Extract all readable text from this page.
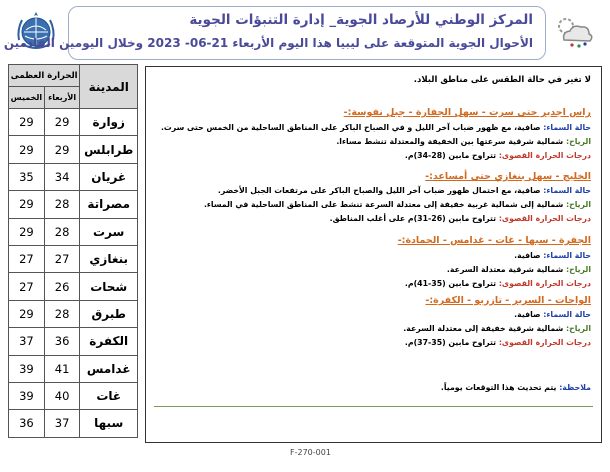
المركز الوطني للأرصاد الجوية_ إدارة التنبؤات الجوية
الأحوال الجوية المتوقعة على ليبيا هذا اليوم الأربعاء 21-06- 2023 وخلال اليومين القادمين
الحرارة العظمى		المدينة
الخميس	الأربعاء	
29	29	زوارة
29	29	طرابلس
35	34	غريان
29	28	مصراتة
29	28	سرت
27	27	بنغازي
27	26	شحات
29	28	طبرق
37	36	الكفرة
39	41	غدامس
39	40	غات
36	37	سبها
لا تغير في حالة الطقس على مناطق البلاد.
راس اجدير حتى سرت - سهل الجفارة - جبل نفوسة:-
حالة السماء: صافية، مع ظهور ضباب آخر الليل و في الصباح الباكر على المناطق الساحلية من الخمس حتى سرت.
الرياح: شمالية شرقية سرعتها بين الخفيفة والمعتدلة تنشط مساءا.
درجات الحرارة القصوى: تتراوح مابين (28-34)م.
الخليج - سهل بنغازي حتى أمساعد:-
حالة السماء: صافية، مع احتمال ظهور ضباب آخر الليل والصباح الباكر على مرتفعات الجبل الأخضر.
الرياح: شمالية إلى شمالية غربية خفيفة إلى معتدلة السرعة تنشط على المناطق الساحلية في المساء.
درجات الحرارة القصوى: تتراوح مابين (26-31)م على أغلب المناطق.
الجفرة - سبها - غات - غدامس - الحمادة:-
حالة السماء: صافية.
الرياح: شمالية شرقية معتدلة السرعة.
درجات الحرارة القصوى: تتراوح مابين (35-41)م.
الواحات - السرير - تازربو - الكفرة:-
حالة السماء: صافية.
الرياح: شمالية شرقية خفيفة إلى معتدلة السرعة.
درجات الحرارة القصوى: تتراوح مابين (35-37)م.
ملاحظة: يتم تحديث هذا التوقعات يومياً.
F-270-001
